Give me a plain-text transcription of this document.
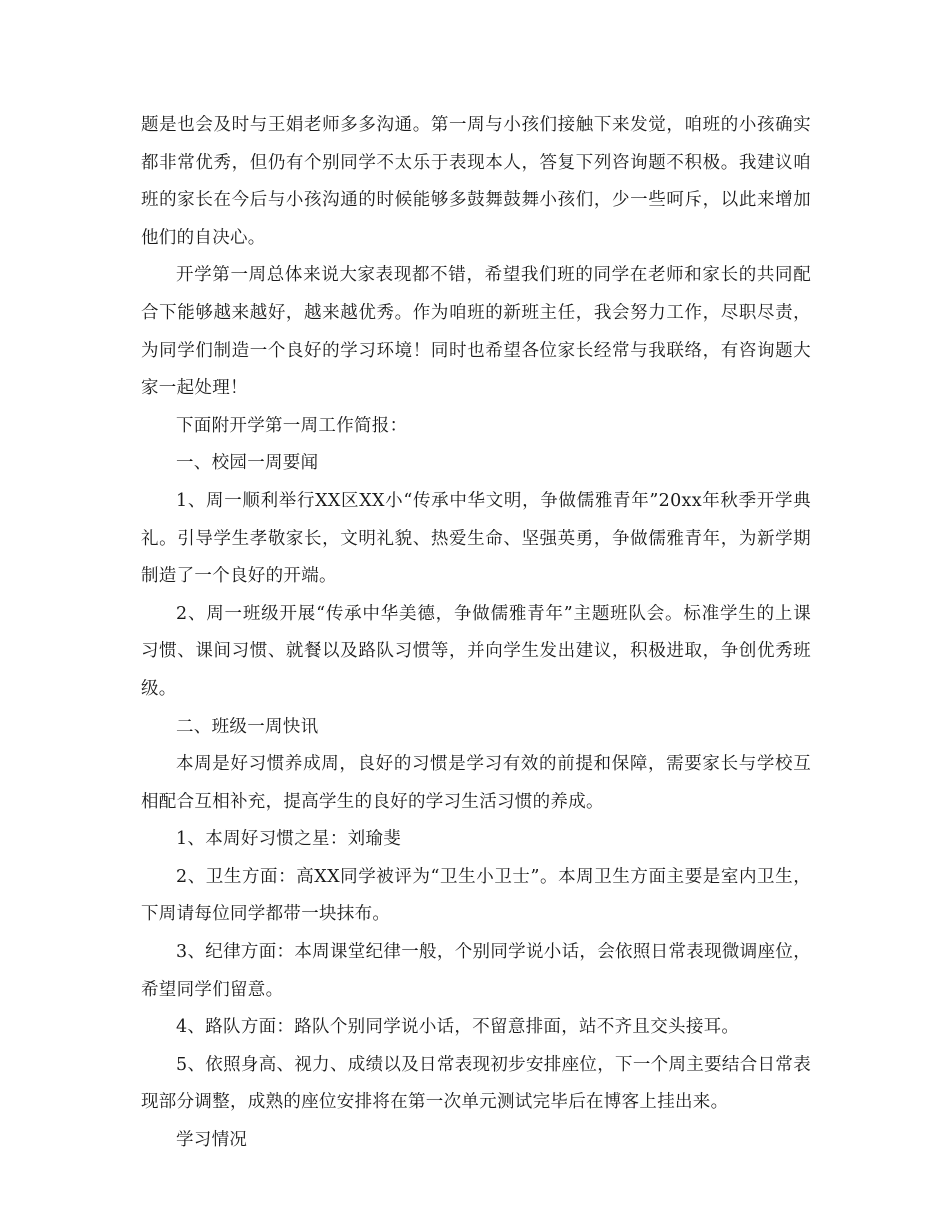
题是也会及时与王娟老师多多沟通。第一周与小孩们接触下来发觉，咱班的小孩确实都非常优秀，但仍有个别同学不太乐于表现本人，答复下列咨询题不积极。我建议咱班的家长在今后与小孩沟通的时候能够多鼓舞鼓舞小孩们，少一些呵斥，以此来增加他们的自决心。

开学第一周总体来说大家表现都不错，希望我们班的同学在老师和家长的共同配合下能够越来越好，越来越优秀。作为咱班的新班主任，我会努力工作，尽职尽责，为同学们制造一个良好的学习环境！同时也希望各位家长经常与我联络，有咨询题大家一起处理！

下面附开学第一周工作简报：

一、校园一周要闻

1、周一顺利举行XX区XX小“传承中华文明，争做儒雅青年”20xx年秋季开学典礼。引导学生孝敬家长，文明礼貌、热爱生命、坚强英勇，争做儒雅青年，为新学期制造了一个良好的开端。

2、周一班级开展“传承中华美德，争做儒雅青年”主题班队会。标准学生的上课习惯、课间习惯、就餐以及路队习惯等，并向学生发出建议，积极进取，争创优秀班级。

二、班级一周快讯

本周是好习惯养成周，良好的习惯是学习有效的前提和保障，需要家长与学校互相配合互相补充，提高学生的良好的学习生活习惯的养成。

1、本周好习惯之星：刘瑜斐

2、卫生方面：高XX同学被评为“卫生小卫士”。本周卫生方面主要是室内卫生，下周请每位同学都带一块抹布。

3、纪律方面：本周课堂纪律一般，个别同学说小话，会依照日常表现微调座位，希望同学们留意。

4、路队方面：路队个别同学说小话，不留意排面，站不齐且交头接耳。

5、依照身高、视力、成绩以及日常表现初步安排座位，下一个周主要结合日常表现部分调整，成熟的座位安排将在第一次单元测试完毕后在博客上挂出来。

学习情况
